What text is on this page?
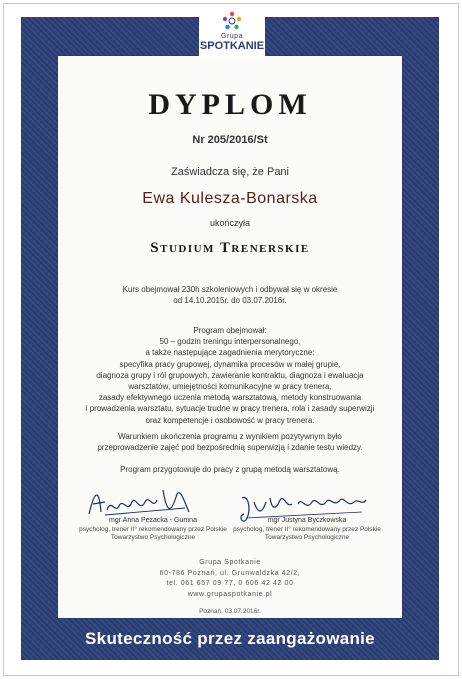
Grupa
SPOTKANIE
DYPLOM
Nr 205/2016/St
Zaświadcza się, że Pani
Ewa Kulesza-Bonarska
ukończyła
Studium Trenerskie
Kurs obejmował 230h szkoleniowych i odbywał się w okresie
od 14.10.2015r. do 03.07.2016r.
Program obejmował:
50 – godzin treningu interpersonalnego,
a także następujące zagadnienia merytoryczne:
specyfika pracy grupowej, dynamika procesów w małej grupie,
diagnoza grupy i ról grupowych, zawieranie kontraktu, diagnoza i ewaluacja
warsztatów, umiejętności komunikacyjne w pracy trenera,
zasady efektywnego uczenia metodą warsztatową, metody konstruowania
i prowadzenia warsztatu, sytuacje trudne w pracy trenera, rola i zasady superwizji
oraz kompetencje i osobowość w pracy trenera.
Warunkiem ukończenia programu z wynikiem pozytywnym było
przeprowadzenie zajęć pod bezpośrednią superwizją i zdanie testu wiedzy.
Program przygotowuje do pracy z grupą metodą warsztatową.
mgr Anna Pezacka - Gumna
psycholog, trener II° rekomendowany przez Polskie
Towarzystwo Psychologiczne
mgr Justyna Byczkowska
psycholog, trener II° rekomendowany przez Polskie
Towarzystwo Psychologiczne
Grupa Spotkanie
60-786 Poznań, ul. Grunwaldzka 42/2,
tel. 061 657 09 77, 0 606 42 42 00
www.grupaspotkanie.pl
Poznań, 03.07.2016r.
Skuteczność przez zaangażowanie
